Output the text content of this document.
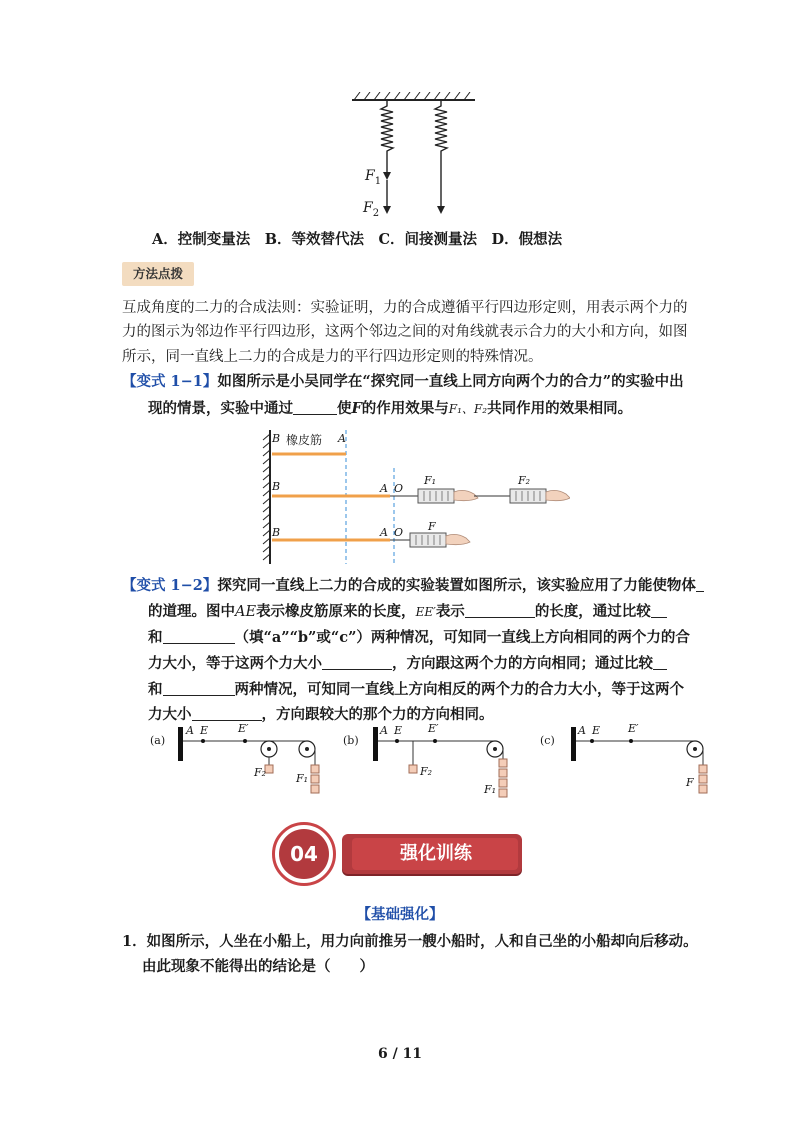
$F_1$
$F_2$
A．控制变量法　B．等效替代法　C．间接测量法　D．假想法
方法点拨
互成角度的二力的合成法则：实验证明，力的合成遵循平行四边形定则，用表示两个力的
力的图示为邻边作平行四边形，这两个邻边之间的对角线就表示合力的大小和方向，如图
所示，同一直线上二力的合成是力的平行四边形定则的特殊情况。
【变式 1−1】如图所示是小吴同学在“探究同一直线上同方向两个力的合力”的实验中出
现的情景，实验中通过	使F的作用效果与F₁、F₂共同作用的效果相同。
B 橡皮筋 A
B	A O
F₁	F₂
B	A O F
【变式 1−2】探究同一直线上二力的合成的实验装置如图所示，该实验应用了力能使物体
的道理。图中AE表示橡皮筋原来的长度，EE′表示	的长度，通过比较
和	（填“a”“b”或“c”）两种情况，可知同一直线上方向相同的两个力的合
力大小，等于这两个力大小	，方向跟这两个力的方向相同；通过比较
和	两种情况，可知同一直线上方向相反的两个力的合力大小，等于这两个
力大小	，方向跟较大的那个力的方向相同。
(a)
A E	E′
F₂	F₁
(b)
A E E′
F₂
F₁
(c)
A E	E′
F
强化训练
04
【基础强化】
1．如图所示，人坐在小船上，用力向前推另一艘小船时，人和自己坐的小船却向后移动。
由此现象不能得出的结论是（　　）
6 / 11
